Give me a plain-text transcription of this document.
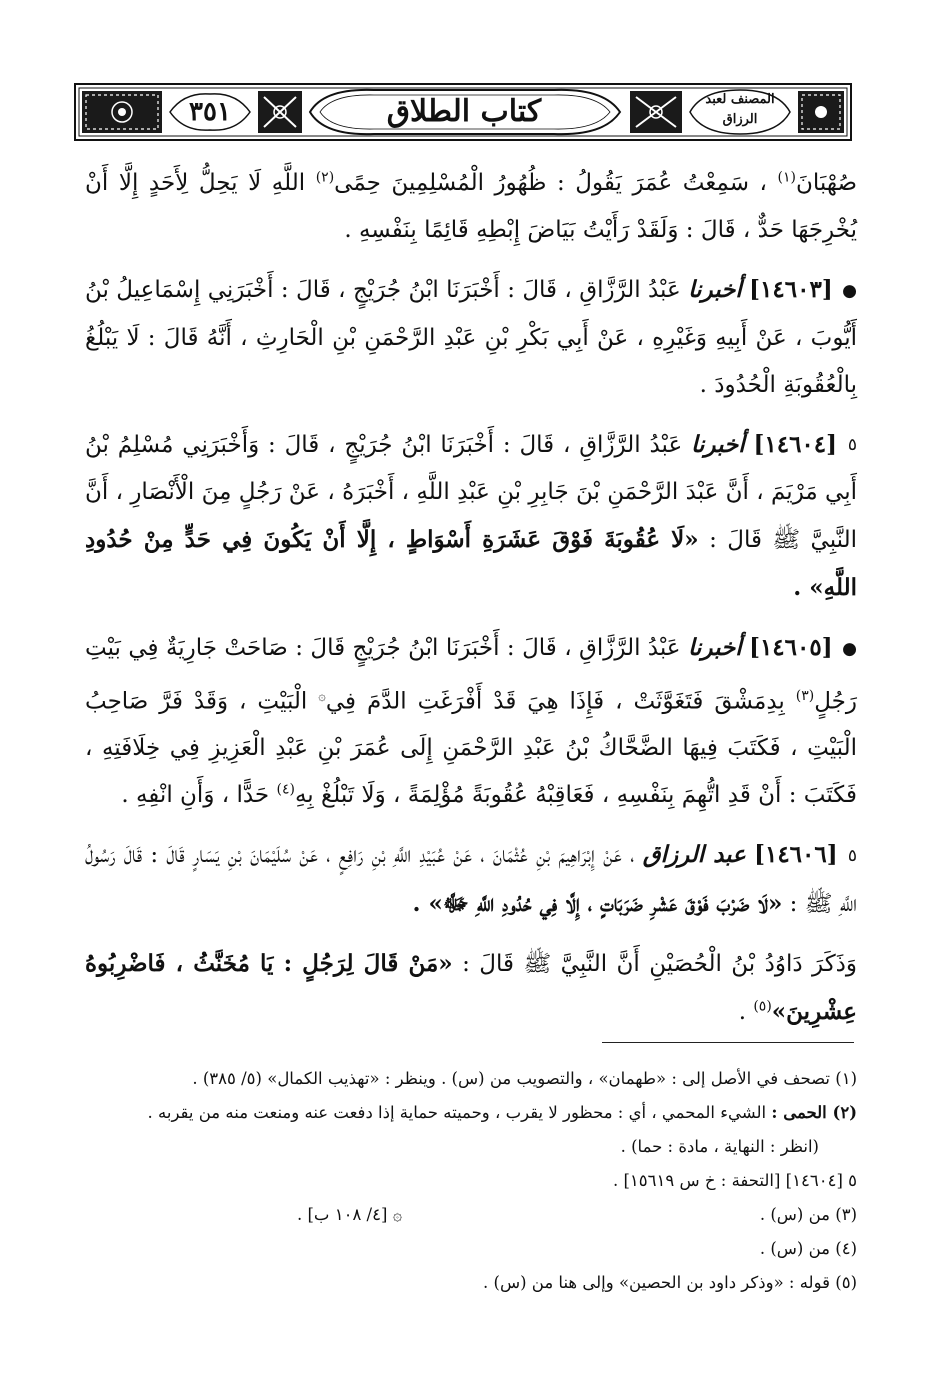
٣٥١	كتاب الطلاق	المصنف لعبد الرزاق

صُهْبَانَ$^{(١)}$ ، سَمِعْتُ عُمَرَ يَقُولُ : ظُهُورُ الْمُسْلِمِينَ حِمًى$^{(٢)}$ اللَّهِ لَا يَحِلُّ لِأَحَدٍ إِلَّا أَنْ يُخْرِجَهَا حَدٌّ ، قَالَ : وَلَقَدْ رَأَيْتُ بَيَاضَ إِبْطِهِ قَائِمًا بِنَفْسِهِ .

● [١٤٦٠٣] أخبرنا عَبْدُ الرَّزَّاقِ ، قَالَ : أَخْبَرَنَا ابْنُ جُرَيْجٍ ، قَالَ : أَخْبَرَنِي إِسْمَاعِيلُ بْنُ أَيُّوبَ ، عَنْ أَبِيهِ وَغَيْرِهِ ، عَنْ أَبِي بَكْرِ بْنِ عَبْدِ الرَّحْمَنِ بْنِ الْحَارِثِ ، أَنَّهُ قَالَ : لَا يَبْلُغُ بِالْعُقُوبَةِ الْحُدُودَ .

٥ [١٤٦٠٤] أخبرنا عَبْدُ الرَّزَّاقِ ، قَالَ : أَخْبَرَنَا ابْنُ جُرَيْجٍ ، قَالَ : وَأَخْبَرَنِي مُسْلِمُ بْنُ أَبِي مَرْيَمَ ، أَنَّ عَبْدَ الرَّحْمَنِ بْنَ جَابِرِ بْنِ عَبْدِ اللَّهِ ، أَخْبَرَهُ ، عَنْ رَجُلٍ مِنَ الْأَنْصَارِ ، أَنَّ النَّبِيَّ ﷺ قَالَ : «لَا عُقُوبَةَ فَوْقَ عَشَرَةِ أَسْوَاطٍ ، إِلَّا أَنْ يَكُونَ فِي حَدٍّ مِنْ حُدُودِ اللَّهِ» .

● [١٤٦٠٥] أخبرنا عَبْدُ الرَّزَّاقِ ، قَالَ : أَخْبَرَنَا ابْنُ جُرَيْجٍ قَالَ : صَاحَتْ جَارِيَةٌ فِي بَيْتِ رَجُلٍ$^{(٣)}$ بِدِمَشْقَ فَتَغَوَّثَتْ ، فَإِذَا هِيَ قَدْ أَفْرَغَتِ الدَّمَ فِي۞ الْبَيْتِ ، وَقَدْ فَرَّ صَاحِبُ الْبَيْتِ ، فَكَتَبَ فِيهَا الضَّحَّاكُ بْنُ عَبْدِ الرَّحْمَنِ إِلَى عُمَرَ بْنِ عَبْدِ الْعَزِيزِ فِي خِلَافَتِهِ ، فَكَتَبَ : أَنْ قَدِ اتُّهِمَ بِنَفْسِهِ ، فَعَاقِبْهُ عُقُوبَةً مُؤْلِمَةً ، وَلَا تَبْلُغْ بِهِ$^{(٤)}$ حَدًّا ، وَأَنِ انْفِهِ .

٥ [١٤٦٠٦] عبد الرزاق ، عَنْ إِبْرَاهِيمَ بْنِ عُثْمَانَ ، عَنْ عُبَيْدِ اللَّهِ بْنِ رَافِعٍ ، عَنْ سُلَيْمَانَ بْنِ يَسَارٍ قَالَ : قَالَ رَسُولُ اللَّهِ ﷺ : «لَا ضَرْبَ فَوْقَ عَشْرِ ضَرَبَاتٍ ، إِلَّا فِي حُدُودِ اللَّهِ ﷻ» .

وَذَكَرَ دَاوُدُ بْنُ الْحُصَيْنِ أَنَّ النَّبِيَّ ﷺ قَالَ : «مَنْ قَالَ لِرَجُلٍ : يَا مُخَنَّثُ ، فَاضْرِبُوهُ عِشْرِينَ»$^{(٥)}$ .

(١) تصحف في الأصل إلى : «طهمان» ، والتصويب من (س) . وينظر : «تهذيب الكمال» (٥/ ٣٨٥) .

(٢) الحمى : الشيء المحمي ، أي : محظور لا يقرب ، وحميته حماية إذا دفعت عنه ومنعت منه من يقربه .

(انظر : النهاية ، مادة : حما) .

٥ [١٤٦٠٤] [التحفة : خ س ١٥٦١٩] .

(٣) من (س) .
۞ [٤/ ١٠٨ ب] .

(٤) من (س) .

(٥) قوله : «وذكر داود بن الحصين» وإلى هنا من (س) .
